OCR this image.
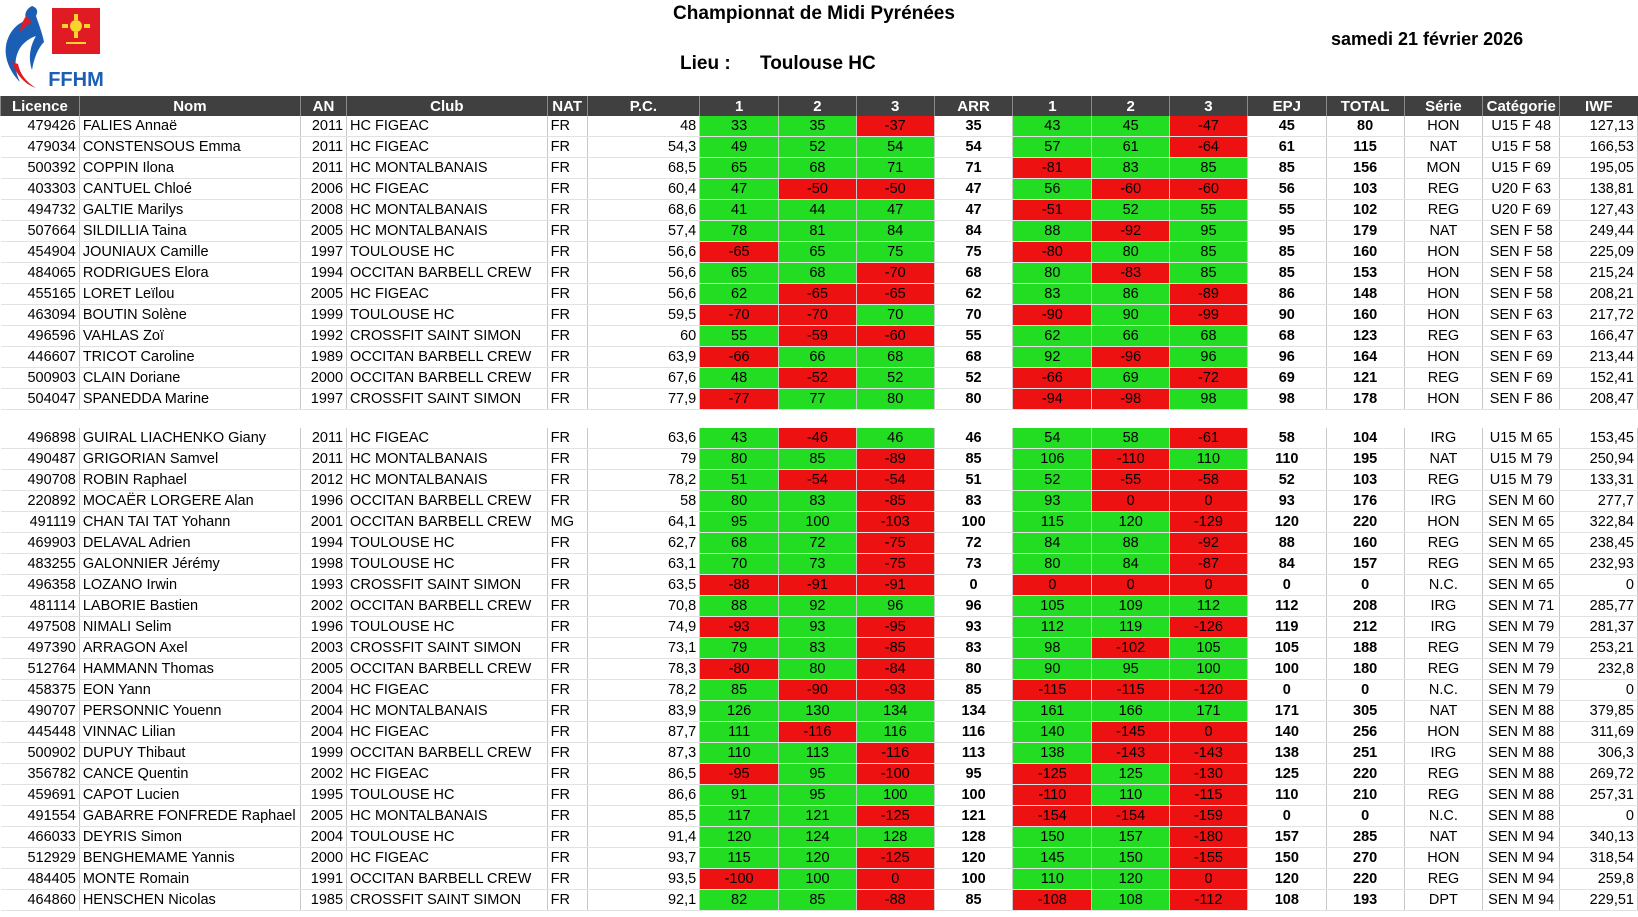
FFHM
Championnat de Midi Pyrénées
Lieu : Toulouse HC
samedi 21 février 2026
Licence	Nom	AN	Club	NAT	P.C.	1	2	3	ARR	1	2	3	EPJ	TOTAL	Série	Catégorie	IWF
479426	FALIES Annaë	2011	HC FIGEAC	FR	48	33	35	-37	35	43	45	-47	45	80	HON	U15 F 48	127,13
479034	CONSTENSOUS Emma	2011	HC FIGEAC	FR	54,3	49	52	54	54	57	61	-64	61	115	NAT	U15 F 58	166,53
500392	COPPIN Ilona	2011	HC MONTALBANAIS	FR	68,5	65	68	71	71	-81	83	85	85	156	MON	U15 F 69	195,05
403303	CANTUEL Chloé	2006	HC FIGEAC	FR	60,4	47	-50	-50	47	56	-60	-60	56	103	REG	U20 F 63	138,81
494732	GALTIE Marilys	2008	HC MONTALBANAIS	FR	68,6	41	44	47	47	-51	52	55	55	102	REG	U20 F 69	127,43
507664	SILDILLIA Taina	2005	HC MONTALBANAIS	FR	57,4	78	81	84	84	88	-92	95	95	179	NAT	SEN F 58	249,44
454904	JOUNIAUX Camille	1997	TOULOUSE HC	FR	56,6	-65	65	75	75	-80	80	85	85	160	HON	SEN F 58	225,09
484065	RODRIGUES Elora	1994	OCCITAN BARBELL CREW	FR	56,6	65	68	-70	68	80	-83	85	85	153	HON	SEN F 58	215,24
455165	LORET Leïlou	2005	HC FIGEAC	FR	56,6	62	-65	-65	62	83	86	-89	86	148	HON	SEN F 58	208,21
463094	BOUTIN Solène	1999	TOULOUSE HC	FR	59,5	-70	-70	70	70	-90	90	-99	90	160	HON	SEN F 63	217,72
496596	VAHLAS Zoï	1992	CROSSFIT SAINT SIMON	FR	60	55	-59	-60	55	62	66	68	68	123	REG	SEN F 63	166,47
446607	TRICOT Caroline	1989	OCCITAN BARBELL CREW	FR	63,9	-66	66	68	68	92	-96	96	96	164	HON	SEN F 69	213,44
500903	CLAIN Doriane	2000	OCCITAN BARBELL CREW	FR	67,6	48	-52	52	52	-66	69	-72	69	121	REG	SEN F 69	152,41
504047	SPANEDDA Marine	1997	CROSSFIT SAINT SIMON	FR	77,9	-77	77	80	80	-94	-98	98	98	178	HON	SEN F 86	208,47

496898	GUIRAL LIACHENKO Giany	2011	HC FIGEAC	FR	63,6	43	-46	46	46	54	58	-61	58	104	IRG	U15 M 65	153,45
490487	GRIGORIAN Samvel	2011	HC MONTALBANAIS	FR	79	80	85	-89	85	106	-110	110	110	195	NAT	U15 M 79	250,94
490708	ROBIN Raphael	2012	HC MONTALBANAIS	FR	78,2	51	-54	-54	51	52	-55	-58	52	103	REG	U15 M 79	133,31
220892	MOCAËR LORGERE Alan	1996	OCCITAN BARBELL CREW	FR	58	80	83	-85	83	93	0	0	93	176	IRG	SEN M 60	277,7
491119	CHAN TAI TAT Yohann	2001	OCCITAN BARBELL CREW	MG	64,1	95	100	-103	100	115	120	-129	120	220	HON	SEN M 65	322,84
469903	DELAVAL Adrien	1994	TOULOUSE HC	FR	62,7	68	72	-75	72	84	88	-92	88	160	REG	SEN M 65	238,45
483255	GALONNIER Jérémy	1998	TOULOUSE HC	FR	63,1	70	73	-75	73	80	84	-87	84	157	REG	SEN M 65	232,93
496358	LOZANO Irwin	1993	CROSSFIT SAINT SIMON	FR	63,5	-88	-91	-91	0	0	0	0	0	0	N.C.	SEN M 65	0
481114	LABORIE Bastien	2002	OCCITAN BARBELL CREW	FR	70,8	88	92	96	96	105	109	112	112	208	IRG	SEN M 71	285,77
497508	NIMALI Selim	1996	TOULOUSE HC	FR	74,9	-93	93	-95	93	112	119	-126	119	212	IRG	SEN M 79	281,37
497390	ARRAGON Axel	2003	CROSSFIT SAINT SIMON	FR	73,1	79	83	-85	83	98	-102	105	105	188	REG	SEN M 79	253,21
512764	HAMMANN Thomas	2005	OCCITAN BARBELL CREW	FR	78,3	-80	80	-84	80	90	95	100	100	180	REG	SEN M 79	232,8
458375	EON Yann	2004	HC FIGEAC	FR	78,2	85	-90	-93	85	-115	-115	-120	0	0	N.C.	SEN M 79	0
490707	PERSONNIC Youenn	2004	HC MONTALBANAIS	FR	83,9	126	130	134	134	161	166	171	171	305	NAT	SEN M 88	379,85
445448	VINNAC Lilian	2004	HC FIGEAC	FR	87,7	111	-116	116	116	140	-145	0	140	256	HON	SEN M 88	311,69
500902	DUPUY Thibaut	1999	OCCITAN BARBELL CREW	FR	87,3	110	113	-116	113	138	-143	-143	138	251	IRG	SEN M 88	306,3
356782	CANCE Quentin	2002	HC FIGEAC	FR	86,5	-95	95	-100	95	-125	125	-130	125	220	REG	SEN M 88	269,72
459691	CAPOT Lucien	1995	TOULOUSE HC	FR	86,6	91	95	100	100	-110	110	-115	110	210	REG	SEN M 88	257,31
491554	GABARRE FONFREDE Raphael	2005	HC MONTALBANAIS	FR	85,5	117	121	-125	121	-154	-154	-159	0	0	N.C.	SEN M 88	0
466033	DEYRIS Simon	2004	TOULOUSE HC	FR	91,4	120	124	128	128	150	157	-180	157	285	NAT	SEN M 94	340,13
512929	BENGHEMAME Yannis	2000	HC FIGEAC	FR	93,7	115	120	-125	120	145	150	-155	150	270	HON	SEN M 94	318,54
484405	MONTE Romain	1991	OCCITAN BARBELL CREW	FR	93,5	-100	100	0	100	110	120	0	120	220	REG	SEN M 94	259,8
464860	HENSCHEN Nicolas	1985	CROSSFIT SAINT SIMON	FR	92,1	82	85	-88	85	-108	108	-112	108	193	DPT	SEN M 94	229,51
